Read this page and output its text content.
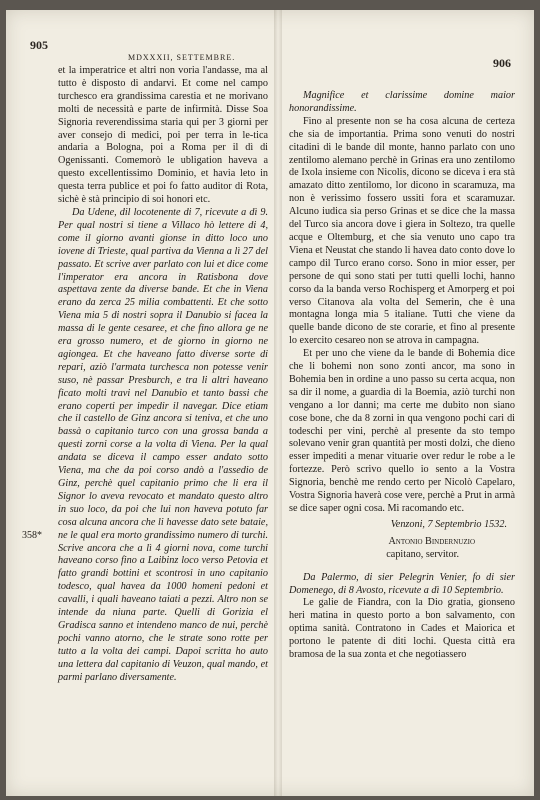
905
MDXXXII, SETTEMBRE.

et la imperatrice et altri non voria l'andasse, ma al tutto è disposto di andarvi. Et come nel campo turchesco era grandissima carestia et ne morivano molti de necessità e parte de infirmità. Disse Soa Signoria reverendissima staria qui per 3 giorni per aver consejo di medici, poi per terra in le-tica andaria a Bologna, poi a Roma per il dì di Ogenissanti. Comemorò le ubligation haveva a questo excellentissimo Dominio, et havia leto in questa terra publice et poi fo fatto auditor di Rota, sichè è stà principio di soi honori etc.

Da Udene, dil locotenente di 7, ricevute a dì 9. Per qual nostri si tiene a Villaco hò lettere di 4, come il giorno avanti gionse in ditto loco uno iovene di Trieste, qual partiva da Vienna a lì 27 del passato. Et scrive aver parlato con lui et dice come l'imperator era ancora in Ratisbona dove aspettava zente da diverse bande. Et che in Viena erano da zerca 25 milia combattenti. Et che sotto Viena mia 5 di nostri sopra il Danubio si facea la massa di le gente cesaree, et che fino allora ge ne era grosso numero, et de giorno in giorno ne agiongea. Et che haveano fatto diverse sorte di repari, aziò l'armata turchesca non potesse venir suso, nè passar Presburch, e tra li altri haveano ficato molti travi nel Danubio et tanto bassi che erano coperti per impedir il navegar. Dice etiam che il castello de Ginz ancora si teniva, et che uno bassà o capitanio turco con una grossa banda a questi zorni corse a la volta di Viena. Per la qual andata se diceva il campo esser andato sotto Viena, ma che da poi corso andò a l'assedio de Ginz, perchè quel capitanio primo che li era il Signor lo aveva revocato et mandato questo altro in suo loco, da poi che lui non haveva potuto far cosa alcuna ancora che li havesse dato sete bataie, ne le qual era morto grandissimo numero di turchi. Scrive ancora che a lì 4 giorni nova, come turchi haveano corso fino a Laibinz loco verso Petovia et fatto grandi bottini et scontrosi in uno capitanio todesco, qual havea da 1000 homeni pedoni et cavalli, i quali haveano taiati a pezzi. Altro non se intende da niuna parte. Quelli di Gorizia el Gradisca sanno et intendeno manco de nui, perchè pochi vanno atorno, che le strate sono rotte per tutto a la volta dei campi. Dapoi scritta ho auto una lettera dal capitanio di Veuzon, qual mando, et parmi parlano diversamente.

358*
906

Magnifice et clarissime domine maior honorandissime.

Fino al presente non se ha cosa alcuna de certeza che sia de importantia. Prima sono venuti do nostri citadini di le bande dil monte, hanno parlato con uno zentilomo alemano perchè in Grinas era uno zentilomo de Ixola insieme con Nicolis, dicono se diceva i era stà amazato ditto zentilomo, lor dicono in scaramuza, ma non è verissimo fossero ussiti fora et scaramuzar. Alcuno iudica sia perso Grinas et se dice che la massa del Turco sia ancora dove i giera in Soltezo, tra quelle acque e Oltemburg, et che sia venuto uno capo tra Viena et Neustat che stando li havea dato conto dove lo campo dil Turco erano corso. Sono in mior esser, per persone de qui sono stati per tutti quelli lochi, hanno corso da la banda verso Rochisperg et Amorperg et poi verso Citanova ala volta del Semerin, che è una montagna longa mia 5 italiane. Tutti che viene da quelle bande dicono de ste corarie, et fino al presente lo exercito cesareo non se atrova in campagna.

Et per uno che viene da le bande di Bohemia dice che li bohemi non sono zonti ancor, ma sono in Bohemia ben in ordine a uno passo su certa acqua, non sa dir il nome, a guardia di la Boemia, aziò turchi non vengano a lor danni; ma certe me dubito non siano cose bone, che da 8 zorni in qua vengono pochi cari di todeschi per vini, perchè al presente da sto tempo solevano venir gran quantità per mosti dolzi, che dieno esser impediti a menar vituarie over redur le robe a le fortezze. Però scrivo quello io sento a la Vostra Signoria, benchè me rendo certo per Nicolò Capelaro, Vostra Signoria haverà cose vere, perchè a Prut in armà se dice saper ogni cosa. Mi racomando etc.

Venzoni, 7 Septembrio 1532.

Antonio Bindernuzio

capitano, servitor.

Da Palermo, di sier Pelegrin Venier, fo di sier Domenego, di 8 Avosto, ricevute a dì 10 Septembrio.

Le galie de Fiandra, con la Dio gratia, gionseno heri matina in questo porto a bon salvamento, con optima sanità. Contratono in Cades et Maiorica et portono le patente di diti lochi. Questa città era bramosa de la sua zonta et che negotiassero
